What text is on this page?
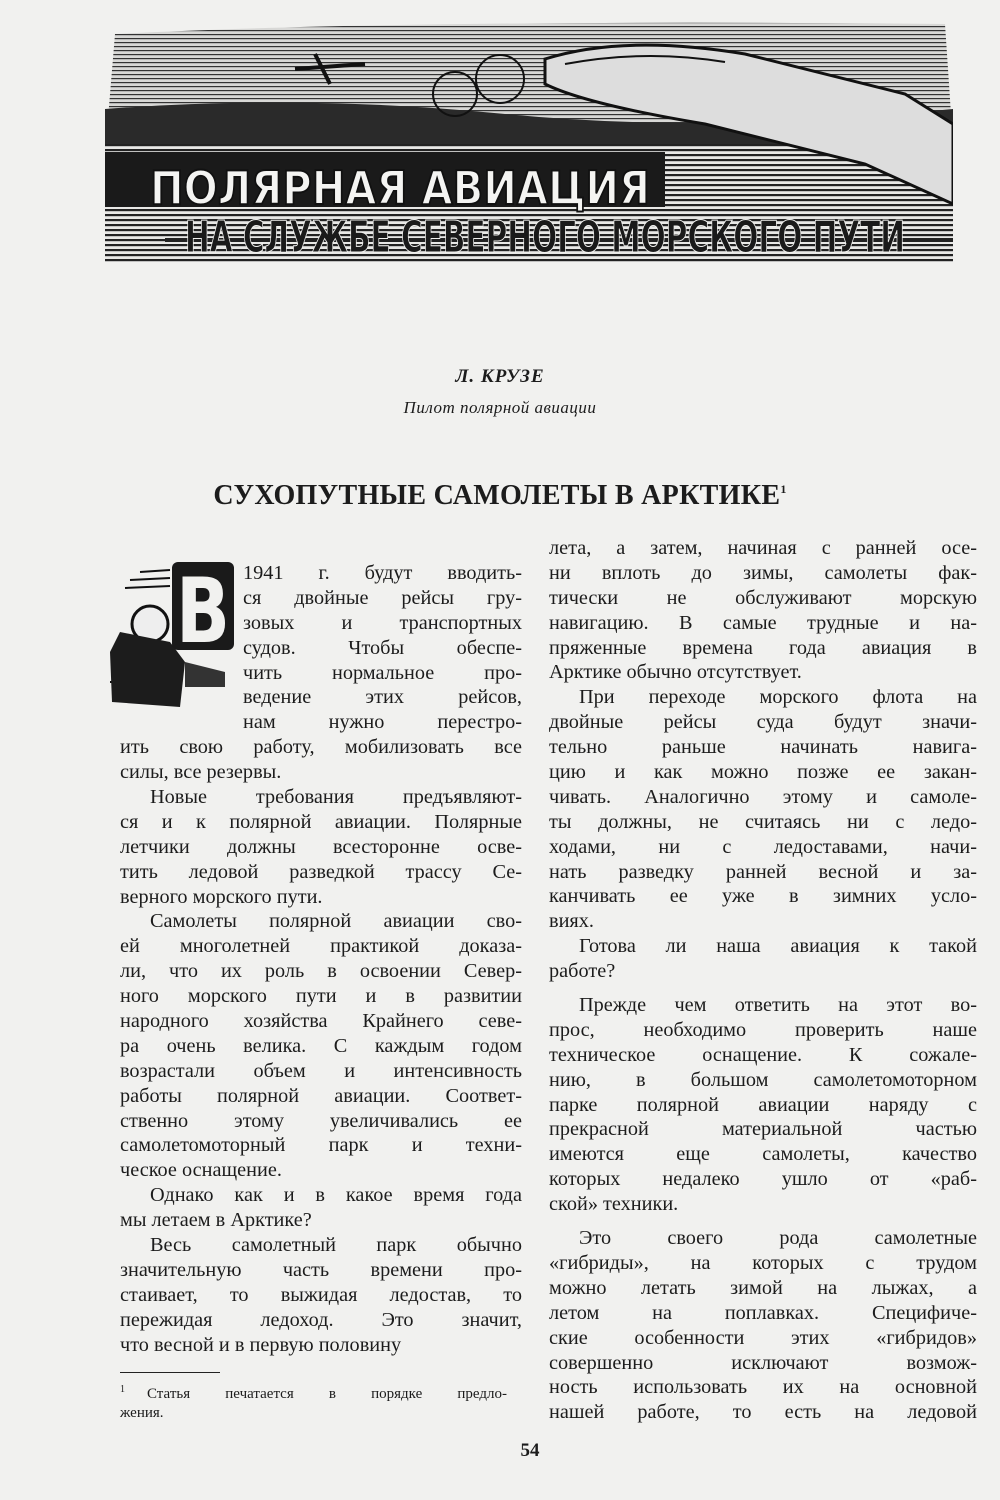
ПОЛЯРНАЯ АВИАЦИЯ
НА СЛУЖБЕ СЕВЕРНОГО МОРСКОГО ПУТИ
Л. КРУЗЕ
Пилот полярной авиации
СУХОПУТНЫЕ САМОЛЕТЫ В АРКТИКЕ$^1$
В 1941 г. будут вводить-
ся двойные рейсы гру-
зовых и транспортных
судов. Чтобы обеспе-
чить нормальное про-
ведение этих рейсов,
нам нужно перестро-
ить свою работу, мобилизовать все
силы, все резервы.
Новые требования предъявляют-
ся и к полярной авиации. Полярные
летчики должны всесторонне осве-
тить ледовой разведкой трассу Се-
верного морского пути.
Самолеты полярной авиации сво-
ей многолетней практикой доказа-
ли, что их роль в освоении Север-
ного морского пути и в развитии
народного хозяйства Крайнего севе-
ра очень велика. С каждым годом
возрастали объем и интенсивность
работы полярной авиации. Соответ-
ственно этому увеличивались ее
самолетомоторный парк и техни-
ческое оснащение.
Однако как и в какое время года
мы летаем в Арктике?
Весь самолетный парк обычно
значительную часть времени про-
стаивает, то выжидая ледостав, то
пережидая ледоход. Это значит,
что весной и в первую половину
лета, а затем, начиная с ранней осе-
ни вплоть до зимы, самолеты фак-
тически не обслуживают морскую
навигацию. В самые трудные и на-
пряженные времена года авиация в
Арктике обычно отсутствует.
При переходе морского флота на
двойные рейсы суда будут значи-
тельно раньше начинать навига-
цию и как можно позже ее закан-
чивать. Аналогично этому и самоле-
ты должны, не считаясь ни с ледо-
ходами, ни с ледоставами, начи-
нать разведку ранней весной и за-
канчивать ее уже в зимних усло-
виях.
Готова ли наша авиация к такой
работе?
Прежде чем ответить на этот во-
прос, необходимо проверить наше
техническое оснащение. К сожале-
нию, в большом самолетомоторном
парке полярной авиации наряду с
прекрасной материальной частью
имеются еще самолеты, качество
которых недалеко ушло от «раб-
ской» техники.
Это своего рода самолетные
«гибриды», на которых с трудом
можно летать зимой на лыжах, а
летом на поплавках. Специфиче-
ские особенности этих «гибридов»
совершенно исключают возмож-
ность использовать их на основной
нашей работе, то есть на ледовой
$^1$ Статья печатается в порядке предло-
жения.
54
